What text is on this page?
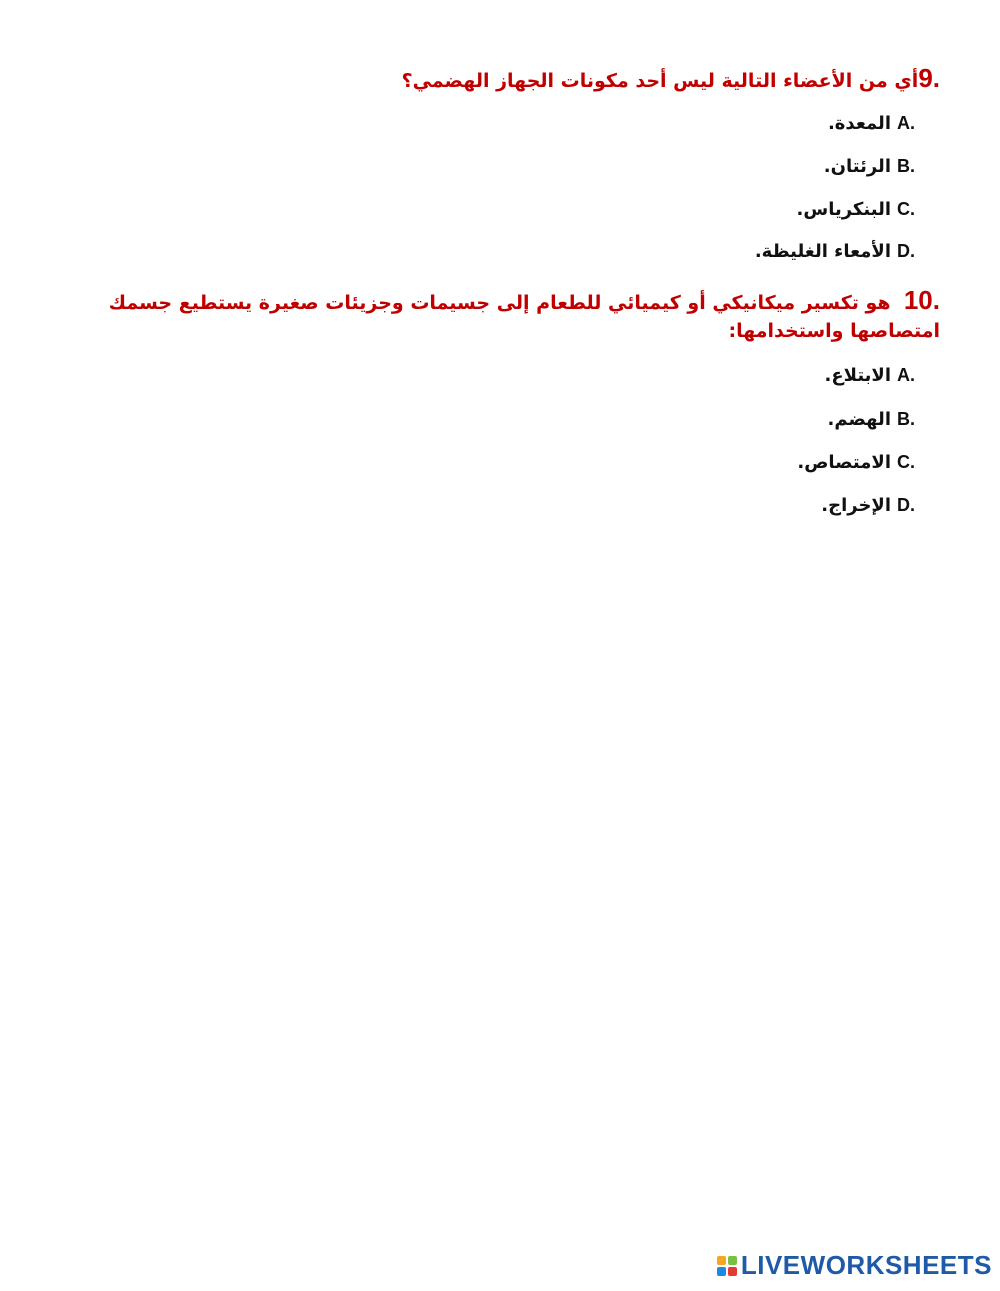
9.أي من الأعضاء التالية ليس أحد مكونات الجهاز الهضمي؟
A.المعدة.
B.الرئتان.
C.البنكرياس.
D.الأمعاء الغليظة.
10.  هو تكسير ميكانيكي أو كيميائي للطعام إلى جسيمات وجزيئات صغيرة يستطيع جسمك امتصاصها واستخدامها:
A.الابتلاع.
B.الهضم.
C.الامتصاص.
D.الإخراج.
LIVEWORKSHEETS
